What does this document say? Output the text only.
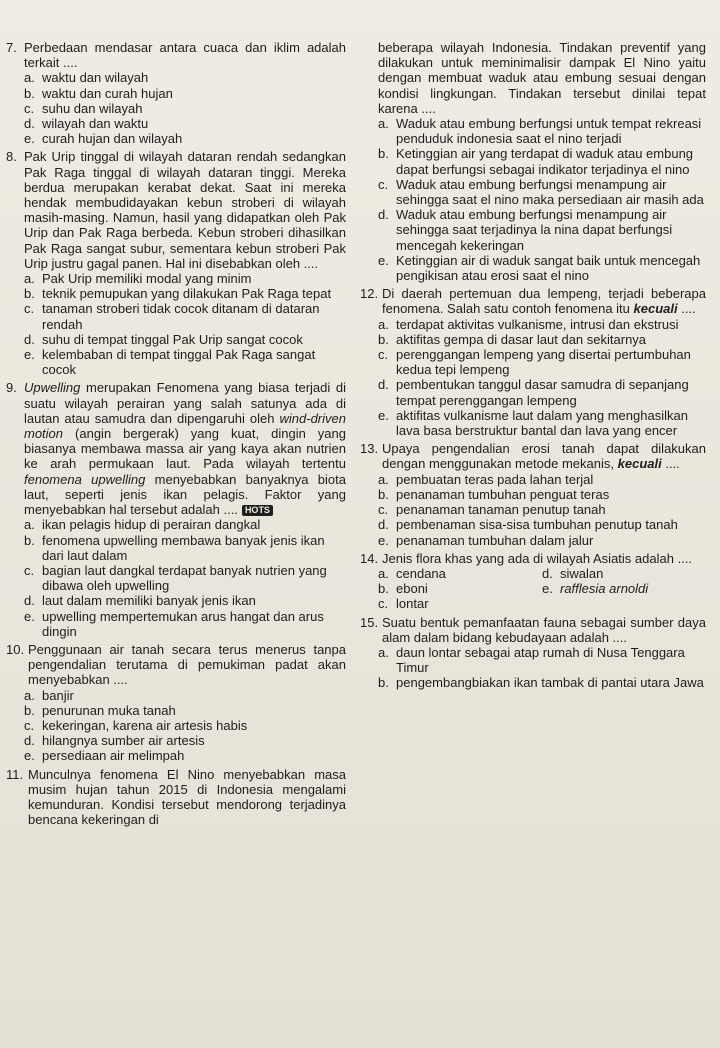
7. Perbedaan mendasar antara cuaca dan iklim adalah terkait ....
a. waktu dan wilayah
b. waktu dan curah hujan
c. suhu dan wilayah
d. wilayah dan waktu
e. curah hujan dan wilayah
8. Pak Urip tinggal di wilayah dataran rendah sedangkan Pak Raga tinggal di wilayah dataran tinggi. Mereka berdua merupakan kerabat dekat. Saat ini mereka hendak membudidayakan kebun stroberi di wilayah masih-masing. Namun, hasil yang didapatkan oleh Pak Urip dan Pak Raga berbeda. Kebun stroberi dihasilkan Pak Raga sangat subur, sementara kebun stroberi Pak Urip justru gagal panen. Hal ini disebabkan oleh ....
a. Pak Urip memiliki modal yang minim
b. teknik pemupukan yang dilakukan Pak Raga tepat
c. tanaman stroberi tidak cocok ditanam di dataran rendah
d. suhu di tempat tinggal Pak Urip sangat cocok
e. kelembaban di tempat tinggal Pak Raga sangat cocok
9. Upwelling merupakan Fenomena yang biasa terjadi di suatu wilayah perairan yang salah satunya ada di lautan atau samudra dan dipengaruhi oleh wind-driven motion (angin bergerak) yang kuat, dingin yang biasanya membawa massa air yang kaya akan nutrien ke arah permukaan laut. Pada wilayah tertentu fenomena upwelling menyebabkan banyaknya biota laut, seperti jenis ikan pelagis. Faktor yang menyebabkan hal tersebut adalah .... HOTS
a. ikan pelagis hidup di perairan dangkal
b. fenomena upwelling membawa banyak jenis ikan dari laut dalam
c. bagian laut dangkal terdapat banyak nutrien yang dibawa oleh upwelling
d. laut dalam memiliki banyak jenis ikan
e. upwelling mempertemukan arus hangat dan arus dingin
10. Penggunaan air tanah secara terus menerus tanpa pengendalian terutama di pemukiman padat akan menyebabkan ....
a. banjir
b. penurunan muka tanah
c. kekeringan, karena air artesis habis
d. hilangnya sumber air artesis
e. persediaan air melimpah
11. Munculnya fenomena El Nino menyebabkan masa musim hujan tahun 2015 di Indonesia mengalami kemunduran. Kondisi tersebut mendorong terjadinya bencana kekeringan di
beberapa wilayah Indonesia. Tindakan preventif yang dilakukan untuk meminimalisir dampak El Nino yaitu dengan membuat waduk atau embung sesuai dengan kondisi lingkungan. Tindakan tersebut dinilai tepat karena ....
a. Waduk atau embung berfungsi untuk tempat rekreasi penduduk indonesia saat el nino terjadi
b. Ketinggian air yang terdapat di waduk atau embung dapat berfungsi sebagai indikator terjadinya el nino
c. Waduk atau embung berfungsi menampung air sehingga saat el nino maka persediaan air masih ada
d. Waduk atau embung berfungsi menampung air sehingga saat terjadinya la nina dapat berfungsi mencegah kekeringan
e. Ketinggian air di waduk sangat baik untuk mencegah pengikisan atau erosi saat el nino
12. Di daerah pertemuan dua lempeng, terjadi beberapa fenomena. Salah satu contoh fenomena itu kecuali ....
a. terdapat aktivitas vulkanisme, intrusi dan ekstrusi
b. aktifitas gempa di dasar laut dan sekitarnya
c. perenggangan lempeng yang disertai pertumbuhan kedua tepi lempeng
d. pembentukan tanggul dasar samudra di sepanjang tempat perenggangan lempeng
e. aktifitas vulkanisme laut dalam yang menghasilkan lava basa berstruktur bantal dan lava yang encer
13. Upaya pengendalian erosi tanah dapat dilakukan dengan menggunakan metode mekanis, kecuali ....
a. pembuatan teras pada lahan terjal
b. penanaman tumbuhan penguat teras
c. penanaman tanaman penutup tanah
d. pembenaman sisa-sisa tumbuhan penutup tanah
e. penanaman tumbuhan dalam jalur
14. Jenis flora khas yang ada di wilayah Asiatis adalah ....
a. cendana	d. siwalan
b. eboni	e. rafflesia arnoldi
c. lontar
15. Suatu bentuk pemanfaatan fauna sebagai sumber daya alam dalam bidang kebudayaan adalah ....
a. daun lontar sebagai atap rumah di Nusa Tenggara Timur
b. pengembangbiakan ikan tambak di pantai utara Jawa
